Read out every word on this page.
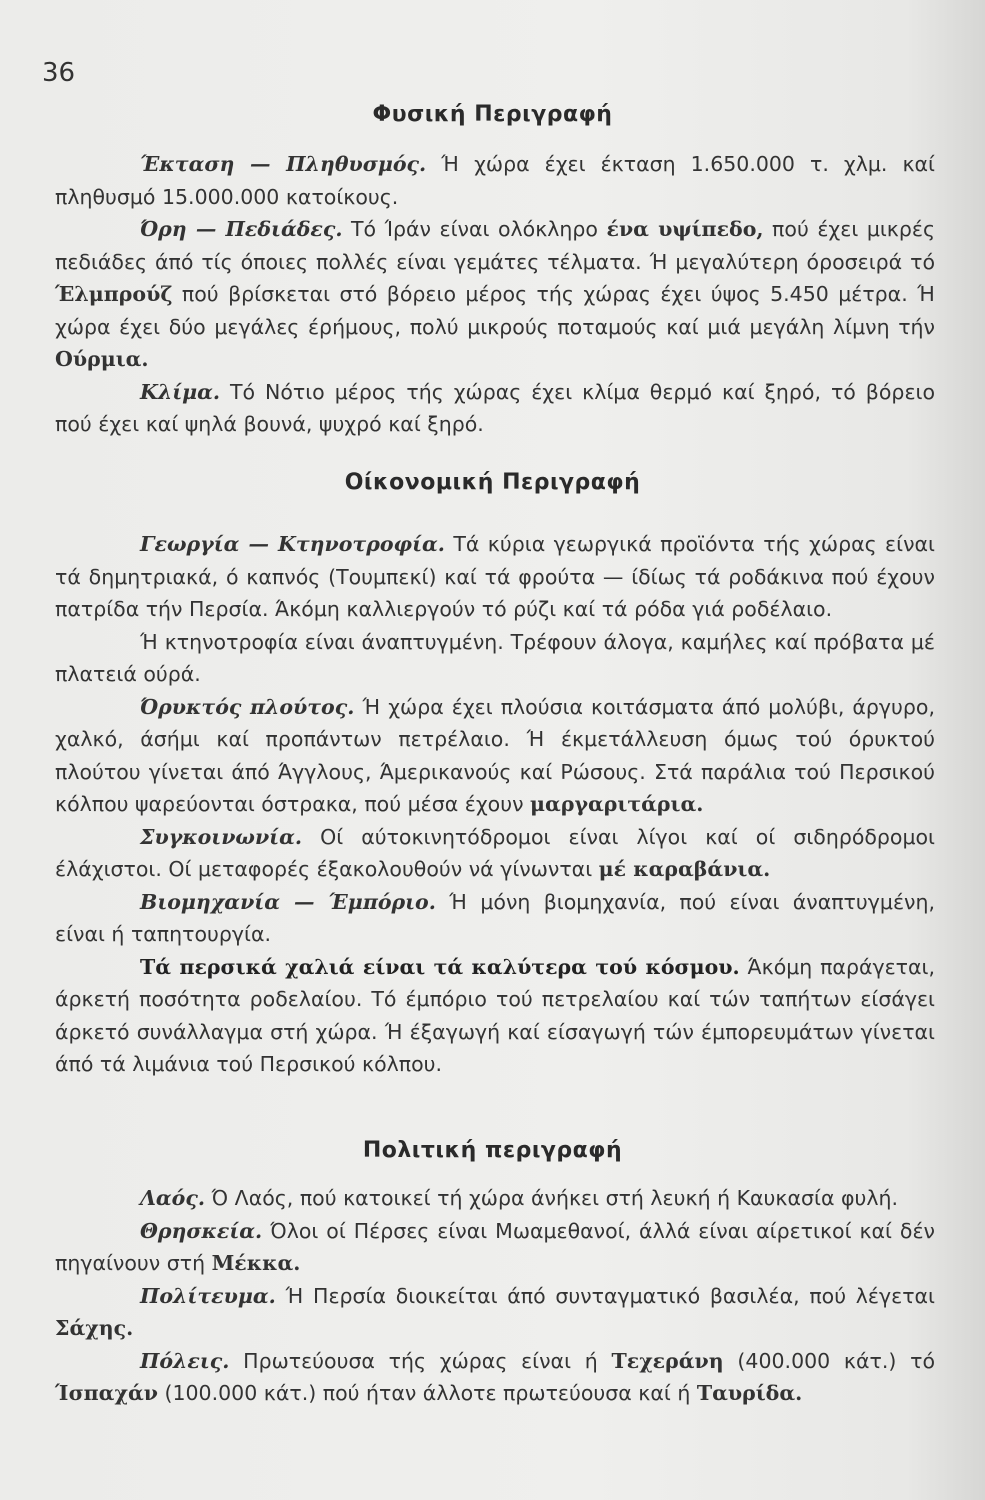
36
Φυσική Περιγραφή

Έκταση — Πληθυσμός. Ή χώρα έχει έκταση 1.650.000 τ. χλμ. καί πληθυσμό 15.000.000 κατοίκους.

Όρη — Πεδιάδες. Τό Ίράν είναι ολόκληρο ένα υψίπεδο, πού έχει μικρές πεδιάδες άπό τίς όποιες πολλές είναι γεμάτες τέλματα. Ή μεγαλύτερη όροσειρά τό Έλμπρούζ πού βρίσκεται στό βόρειο μέρος τής χώρας έχει ύψος 5.450 μέτρα. Ή χώρα έχει δύο μεγάλες έρήμους, πολύ μικρούς ποταμούς καί μιά μεγάλη λίμνη τήν Ούρμια.

Κλίμα. Τό Νότιο μέρος τής χώρας έχει κλίμα θερμό καί ξηρό, τό βόρειο πού έχει καί ψηλά βουνά, ψυχρό καί ξηρό.

Οίκονομική Περιγραφή

Γεωργία — Κτηνοτροφία. Τά κύρια γεωργικά προϊόντα τής χώρας είναι τά δημητριακά, ό καπνός (Τουμπεκί) καί τά φρούτα — ίδίως τά ροδάκινα πού έχουν πατρίδα τήν Περσία. Άκόμη καλλιεργούν τό ρύζι καί τά ρόδα γιά ροδέλαιο.

Ή κτηνοτροφία είναι άναπτυγμένη. Τρέφουν άλογα, καμήλες καί πρόβατα μέ πλατειά ούρά.

Όρυκτός πλούτος. Ή χώρα έχει πλούσια κοιτάσματα άπό μολύβι, άργυρο, χαλκό, άσήμι καί προπάντων πετρέλαιο. Ή έκμετάλλευση όμως τού όρυκτού πλούτου γίνεται άπό Άγγλους, Άμερικανούς καί Ρώσους. Στά παράλια τού Περσικού κόλπου ψαρεύονται όστρακα, πού μέσα έχουν μαργαριτάρια.

Συγκοινωνία. Οί αύτοκινητόδρομοι είναι λίγοι καί οί σιδηρόδρομοι έλάχιστοι. Οί μεταφορές έξακολουθούν νά γίνωνται μέ καραβάνια.

Βιομηχανία — Έμπόριο. Ή μόνη βιομηχανία, πού είναι άναπτυγμένη, είναι ή ταπητουργία.

Τά περσικά χαλιά είναι τά καλύτερα τού κόσμου. Άκόμη παράγεται, άρκετή ποσότητα ροδελαίου. Τό έμπόριο τού πετρελαίου καί τών ταπήτων είσάγει άρκετό συνάλλαγμα στή χώρα. Ή έξαγωγή καί είσαγωγή τών έμπορευμάτων γίνεται άπό τά λιμάνια τού Περσικού κόλπου.

Πολιτική περιγραφή

Λαός. Ό Λαός, πού κατοικεί τή χώρα άνήκει στή λευκή ή Καυκασία φυλή.

Θρησκεία. Όλοι οί Πέρσες είναι Μωαμεθανοί, άλλά είναι αίρετικοί καί δέν πηγαίνουν στή Μέκκα.

Πολίτευμα. Ή Περσία διοικείται άπό συνταγματικό βασιλέα, πού λέγεται Σάχης.

Πόλεις. Πρωτεύουσα τής χώρας είναι ή Τεχεράνη (400.000 κάτ.) τό Ίσπαχάν (100.000 κάτ.) πού ήταν άλλοτε πρωτεύουσα καί ή Ταυρίδα.
